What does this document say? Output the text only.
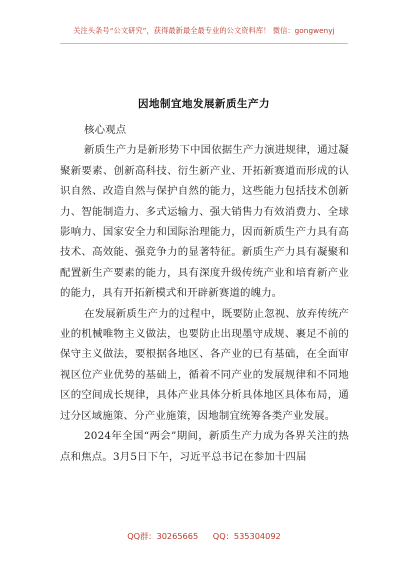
关注头条号“公文研究”，获得最新最全最专业的公文资料库！ 微信：gongwenyj
因地制宜地发展新质生产力

核心观点

新质生产力是新形势下中国依据生产力演进规律，通过凝聚新要素、创新高科技、衍生新产业、开拓新赛道而形成的认识自然、改造自然与保护自然的能力，这些能力包括技术创新力、智能制造力、多式运输力、强大销售力有效消费力、全球影响力、国家安全力和国际治理能力，因而新质生产力具有高技术、高效能、强竞争力的显著特征。新质生产力具有凝聚和配置新生产要素的能力，具有深度升级传统产业和培育新产业的能力，具有开拓新模式和开辟新赛道的魄力。

在发展新质生产力的过程中，既要防止忽视、放弃传统产业的机械唯物主义做法，也要防止出现墨守成规、裹足不前的保守主义做法，要根据各地区、各产业的已有基础，在全面审视区位产业优势的基础上，循着不同产业的发展规律和不同地区的空间成长规律，具体产业具体分析具体地区具体布局，通过分区域施策、分产业施策，因地制宜统筹各类产业发展。

2024年全国“两会”期间，新质生产力成为各界关注的热点和焦点。3月5日下午，习近平总书记在参加十四届

QQ群：30265665 QQ：535304092
